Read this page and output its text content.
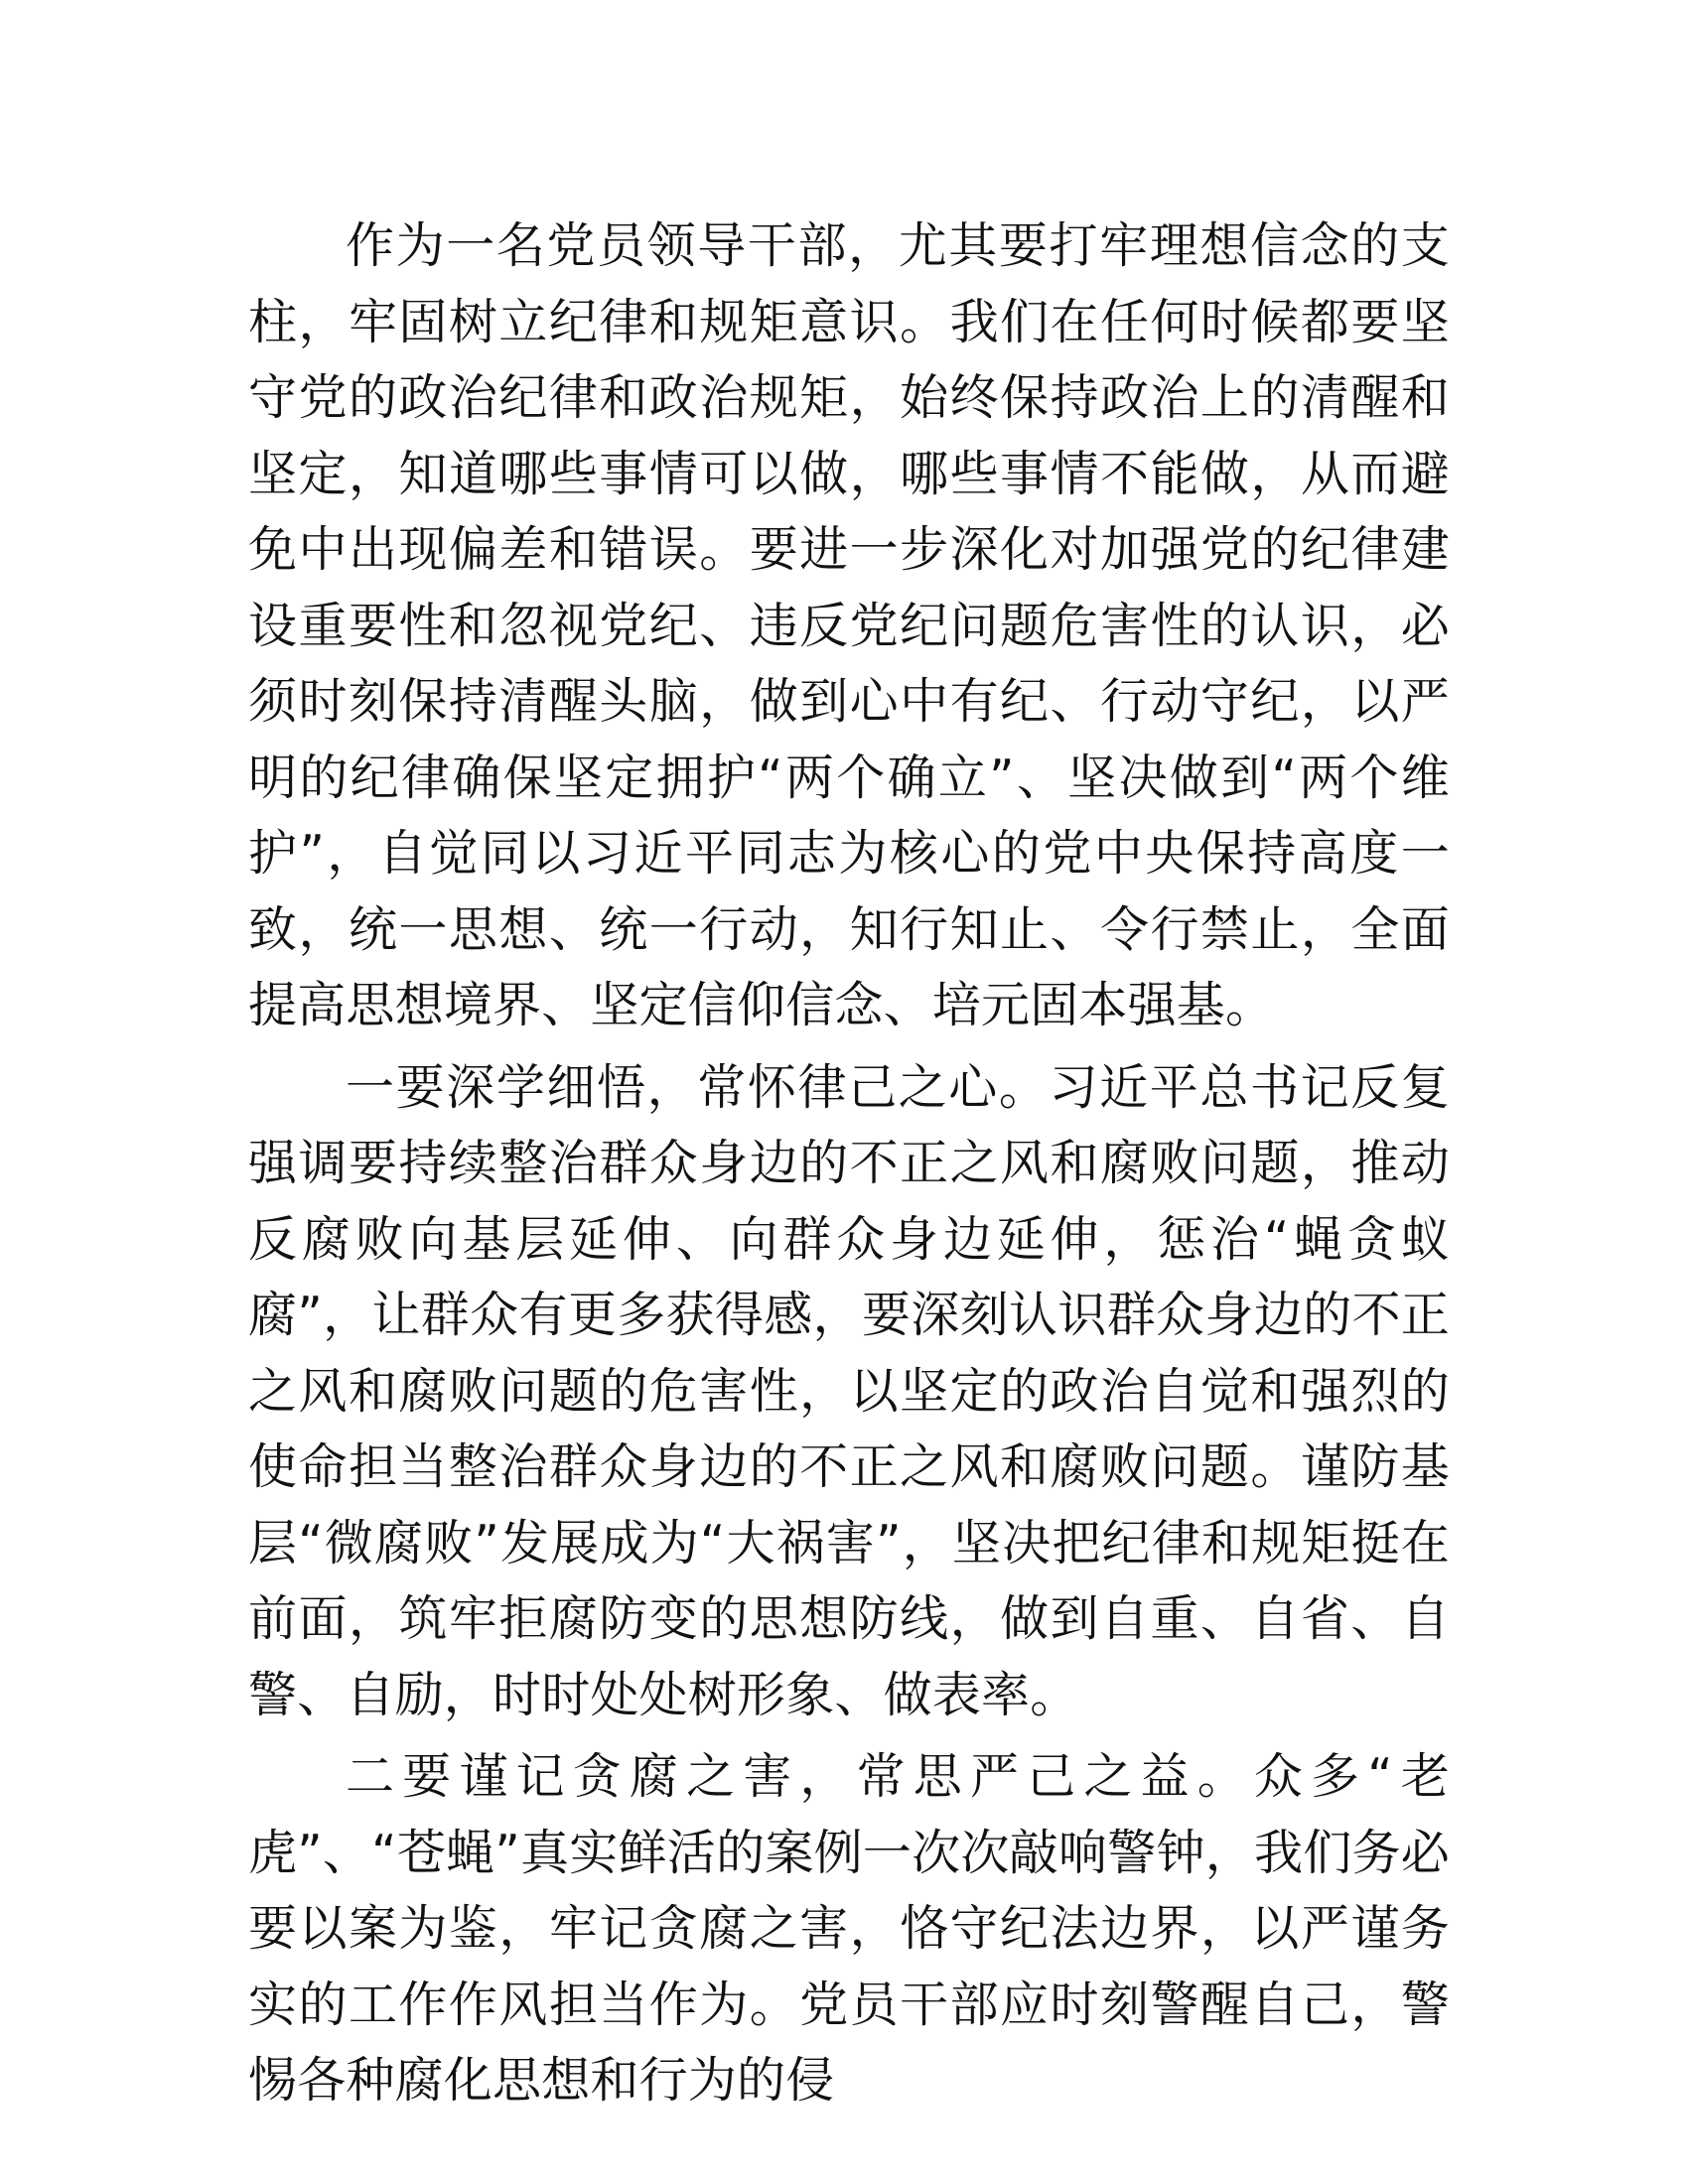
作为一名党员领导干部，尤其要打牢理想信念的支柱，牢固树立纪律和规矩意识。我们在任何时候都要坚守党的政治纪律和政治规矩，始终保持政治上的清醒和坚定，知道哪些事情可以做，哪些事情不能做，从而避免中出现偏差和错误。要进一步深化对加强党的纪律建设重要性和忽视党纪、违反党纪问题危害性的认识，必须时刻保持清醒头脑，做到心中有纪、行动守纪，以严明的纪律确保坚定拥护“两个确立”、坚决做到“两个维护”，自觉同以习近平同志为核心的党中央保持高度一致，统一思想、统一行动，知行知止、令行禁止，全面提高思想境界、坚定信仰信念、培元固本强基。

一要深学细悟，常怀律己之心。习近平总书记反复强调要持续整治群众身边的不正之风和腐败问题，推动反腐败向基层延伸、向群众身边延伸，惩治“蝇贪蚁腐”，让群众有更多获得感，要深刻认识群众身边的不正之风和腐败问题的危害性，以坚定的政治自觉和强烈的使命担当整治群众身边的不正之风和腐败问题。谨防基层“微腐败”发展成为“大祸害”，坚决把纪律和规矩挺在前面，筑牢拒腐防变的思想防线，做到自重、自省、自警、自励，时时处处树形象、做表率。

二要谨记贪腐之害，常思严己之益。众多“老虎”、“苍蝇”真实鲜活的案例一次次敲响警钟，我们务必要以案为鉴，牢记贪腐之害，恪守纪法边界，以严谨务实的工作作风担当作为。党员干部应时刻警醒自己，警惕各种腐化思想和行为的侵
